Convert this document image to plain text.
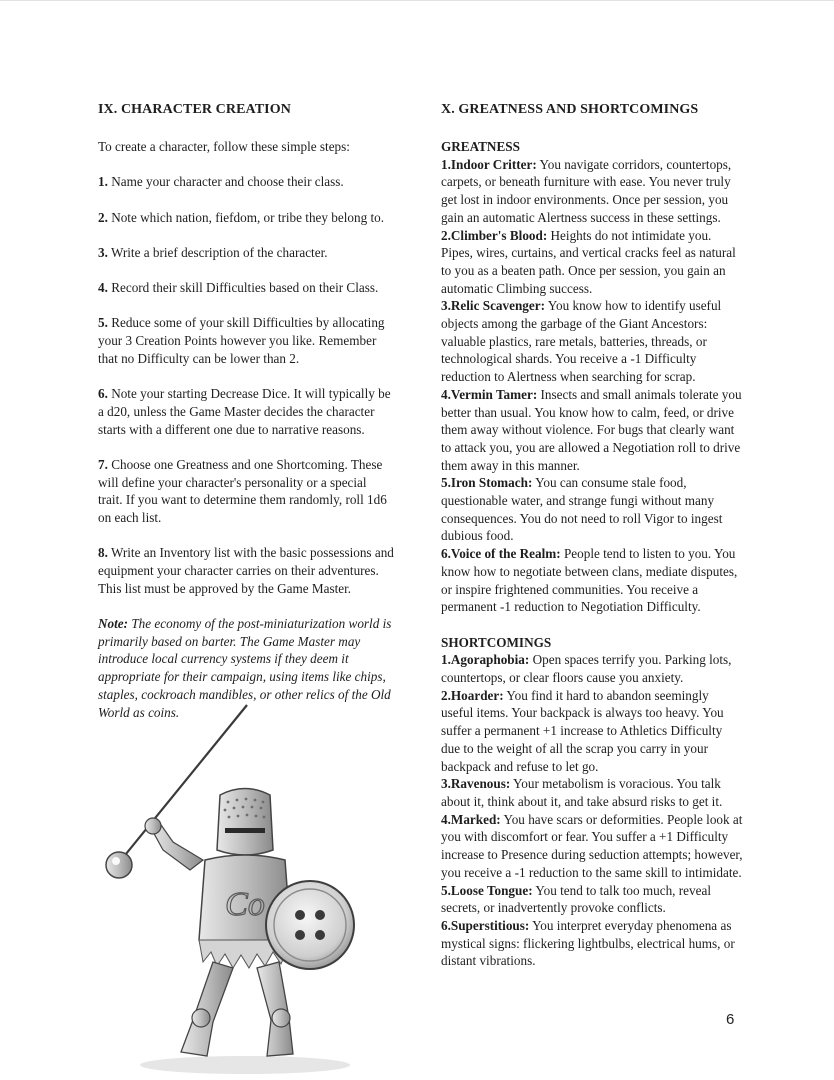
IX. CHARACTER CREATION

To create a character, follow these simple steps:

1. Name your character and choose their class.

2. Note which nation, fiefdom, or tribe they belong to.

3. Write a brief description of the character.

4. Record their skill Difficulties based on their Class.

5. Reduce some of your skill Difficulties by allocating your 3 Creation Points however you like. Remember that no Difficulty can be lower than 2.

6. Note your starting Decrease Dice. It will typically be a d20, unless the Game Master decides the character starts with a different one due to narrative reasons.

7. Choose one Greatness and one Shortcoming. These will define your character's personality or a special trait. If you want to determine them randomly, roll 1d6 on each list.

8. Write an Inventory list with the basic possessions and equipment your character carries on their adventures. This list must be approved by the Game Master.

Note: The economy of the post-miniaturization world is primarily based on barter. The Game Master may introduce local currency systems if they deem it appropriate for their campaign, using items like chips, staples, cockroach mandibles, or other relics of the Old World as coins.

X. GREATNESS AND SHORTCOMINGS
GREATNESS

1.Indoor Critter: You navigate corridors, countertops, carpets, or beneath furniture with ease. You never truly get lost in indoor environments. Once per session, you gain an automatic Alertness success in these settings.

2.Climber's Blood: Heights do not intimidate you. Pipes, wires, curtains, and vertical cracks feel as natural to you as a beaten path. Once per session, you gain an automatic Climbing success.

3.Relic Scavenger: You know how to identify useful objects among the garbage of the Giant Ancestors: valuable plastics, rare metals, batteries, threads, or technological shards. You receive a -1 Difficulty reduction to Alertness when searching for scrap.

4.Vermin Tamer: Insects and small animals tolerate you better than usual. You know how to calm, feed, or drive them away without violence. For bugs that clearly want to attack you, you are allowed a Negotiation roll to drive them away in this manner.

5.Iron Stomach: You can consume stale food, questionable water, and strange fungi without many consequences. You do not need to roll Vigor to ingest dubious food.

6.Voice of the Realm: People tend to listen to you. You know how to negotiate between clans, mediate disputes, or inspire frightened communities. You receive a permanent -1 reduction to Negotiation Difficulty.

SHORTCOMINGS

1.Agoraphobia: Open spaces terrify you. Parking lots, countertops, or clear floors cause you anxiety.

2.Hoarder: You find it hard to abandon seemingly useful items. Your backpack is always too heavy. You suffer a permanent +1 increase to Athletics Difficulty due to the weight of all the scrap you carry in your backpack and refuse to let go.

3.Ravenous: Your metabolism is voracious. You talk about it, think about it, and take absurd risks to get it.

4.Marked: You have scars or deformities. People look at you with discomfort or fear. You suffer a +1 Difficulty increase to Presence during seduction attempts; however, you receive a -1 reduction to the same skill to intimidate.

5.Loose Tongue: You tend to talk too much, reveal secrets, or inadvertently provoke conflicts.

6.Superstitious: You interpret everyday phenomena as mystical signs: flickering lightbulbs, electrical hums, or distant vibrations.

Co
6
